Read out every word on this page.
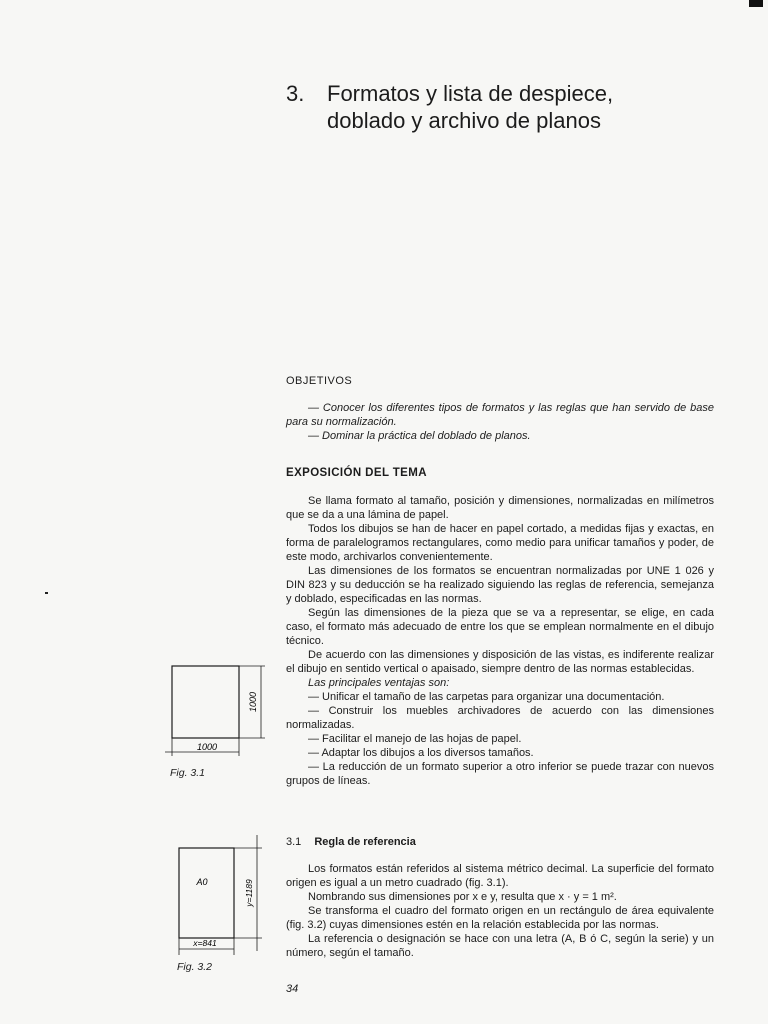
3.	Formatos y lista de despiece,
doblado y archivo de planos
OBJETIVOS

— Conocer los diferentes tipos de formatos y las reglas que han servido de base para su normalización.

— Dominar la práctica del doblado de planos.

EXPOSICIÓN DEL TEMA

Se llama formato al tamaño, posición y dimensiones, normalizadas en milímetros que se da a una lámina de papel.

Todos los dibujos se han de hacer en papel cortado, a medidas fijas y exactas, en forma de paralelogramos rectangulares, como medio para unificar tamaños y poder, de este modo, archivarlos convenientemente.

Las dimensiones de los formatos se encuentran normalizadas por UNE 1 026 y DIN 823 y su deducción se ha realizado siguiendo las reglas de referencia, semejanza y doblado, especificadas en las normas.

Según las dimensiones de la pieza que se va a representar, se elige, en cada caso, el formato más adecuado de entre los que se emplean normalmente en el dibujo técnico.

De acuerdo con las dimensiones y disposición de las vistas, es indiferente realizar el dibujo en sentido vertical o apaisado, siempre dentro de las normas establecidas.

Las principales ventajas son:

— Unificar el tamaño de las carpetas para organizar una documentación.

— Construir los muebles archivadores de acuerdo con las dimensiones normalizadas.

— Facilitar el manejo de las hojas de papel.

— Adaptar los dibujos a los diversos tamaños.

— La reducción de un formato superior a otro inferior se puede trazar con nuevos grupos de líneas.

3.1 Regla de referencia

Los formatos están referidos al sistema métrico decimal. La superficie del formato origen es igual a un metro cuadrado (fig. 3.1).

Nombrando sus dimensiones por x e y, resulta que x · y = 1 m².

Se transforma el cuadro del formato origen en un rectángulo de área equivalente (fig. 3.2) cuyas dimensiones estén en la relación establecida por las normas.

La referencia o designación se hace con una letra (A, B ó C, según la serie) y un número, según el tamaño.

1000
1000
Fig. 3.1
A0
x=841
y=1189
Fig. 3.2
34
